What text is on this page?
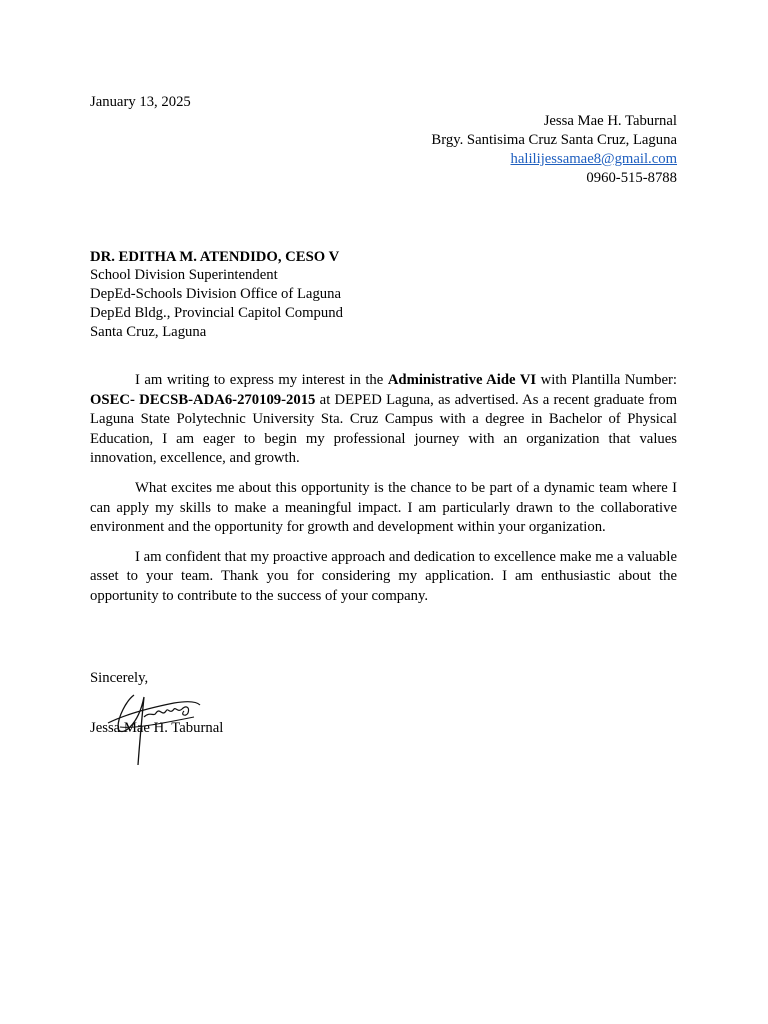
January 13, 2025
Jessa Mae H. Taburnal
Brgy. Santisima Cruz Santa Cruz, Laguna
halilijessamae8@gmail.com
0960-515-8788
DR. EDITHA M. ATENDIDO, CESO V
School Division Superintendent
DepEd-Schools Division Office of Laguna
DepEd Bldg., Provincial Capitol Compund
Santa Cruz, Laguna

I am writing to express my interest in the Administrative Aide VI with Plantilla Number: OSEC- DECSB-ADA6-270109-2015 at DEPED Laguna, as advertised. As a recent graduate from Laguna State Polytechnic University Sta. Cruz Campus with a degree in Bachelor of Physical Education, I am eager to begin my professional journey with an organization that values innovation, excellence, and growth.

What excites me about this opportunity is the chance to be part of a dynamic team where I can apply my skills to make a meaningful impact. I am particularly drawn to the collaborative environment and the opportunity for growth and development within your organization.

I am confident that my proactive approach and dedication to excellence make me a valuable asset to your team. Thank you for considering my application. I am enthusiastic about the opportunity to contribute to the success of your company.

Sincerely,
Jessa Mae H. Taburnal
